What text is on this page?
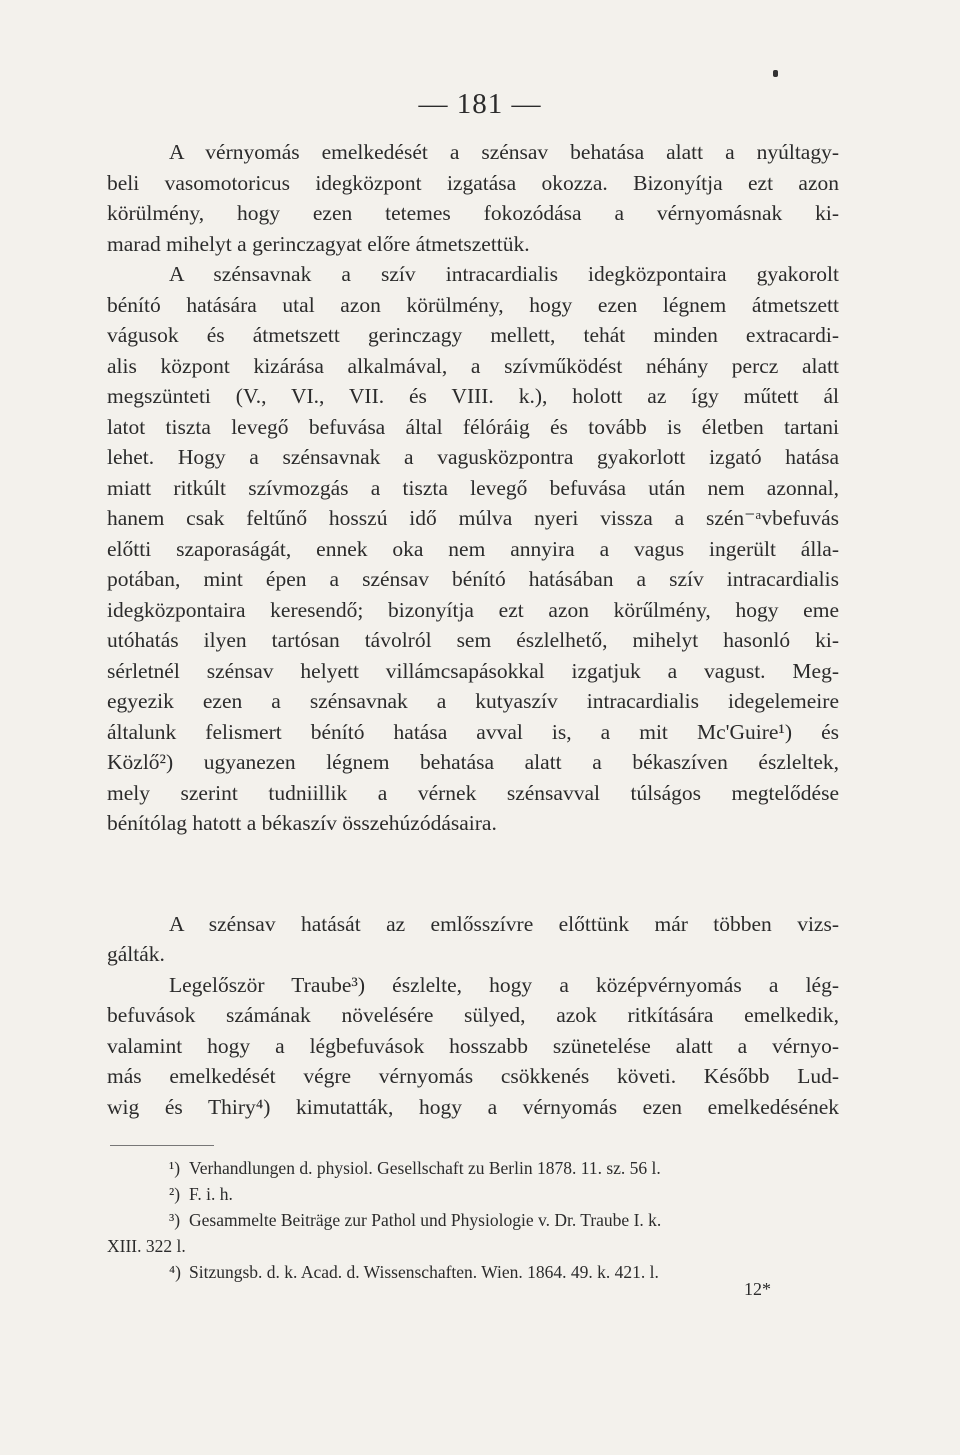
— 181 —
A vérnyomás emelkedését a szénsav behatása alatt a nyúltagy-
beli vasomotoricus idegközpont izgatása okozza. Bizonyítja ezt azon
körülmény, hogy ezen tetemes fokozódása a vérnyomásnak ki-
marad mihelyt a gerinczagyat előre átmetszettük.
A szénsavnak a szív intracardialis idegközpontaira gyakorolt
bénító hatására utal azon körülmény, hogy ezen légnem átmetszett
vágusok és átmetszett gerinczagy mellett, tehát minden extracardi-
alis központ kizárása alkalmával, a szívműködést néhány percz alatt
megszünteti (V., VI., VII. és VIII. k.), holott az így műtett ál
latot tiszta levegő befuvása által félóráig és tovább is életben tartani
lehet. Hogy a szénsavnak a vagusközpontra gyakorlott izgató hatása
miatt ritkúlt szívmozgás a tiszta levegő befuvása után nem azonnal,
hanem csak feltűnő hosszú idő múlva nyeri vissza a szén⁻ᵃvbefuvás
előtti szaporaságát, ennek oka nem annyira a vagus ingerült álla-
potában, mint épen a szénsav bénító hatásában a szív intracardialis
idegközpontaira keresendő; bizonyítja ezt azon körűlmény, hogy eme
utóhatás ilyen tartósan távolról sem észlelhető, mihelyt hasonló ki-
sérletnél szénsav helyett villámcsapásokkal izgatjuk a vagust. Meg-
egyezik ezen a szénsavnak a kutyaszív intracardialis idegelemeire
általunk felismert bénító hatása avval is, a mit Mc'Guire¹) és
Közlő²) ugyanezen légnem behatása alatt a békaszíven észleltek,
mely szerint tudniillik a vérnek szénsavval túlságos megtelődése
bénítólag hatott a békaszív összehúzódásaira.
A szénsav hatását az emlősszívre előttünk már többen vizs-
gálták.
Legelőször Traube³) észlelte, hogy a középvérnyomás a lég-
befuvások számának növelésére sülyed, azok ritkítására emelkedik,
valamint hogy a légbefuvások hosszabb szünetelése alatt a vérnyo-
más emelkedését végre vérnyomás csökkenés követi. Később Lud-
wig és Thiry⁴) kimutatták, hogy a vérnyomás ezen emelkedésének
¹) Verhandlungen d. physiol. Gesellschaft zu Berlin 1878. 11. sz. 56 l.
²) F. i. h.
³) Gesammelte Beiträge zur Pathol und Physiologie v. Dr. Traube I. k.
XIII. 322 l.
⁴) Sitzungsb. d. k. Acad. d. Wissenschaften. Wien. 1864. 49. k. 421. l.
12*
